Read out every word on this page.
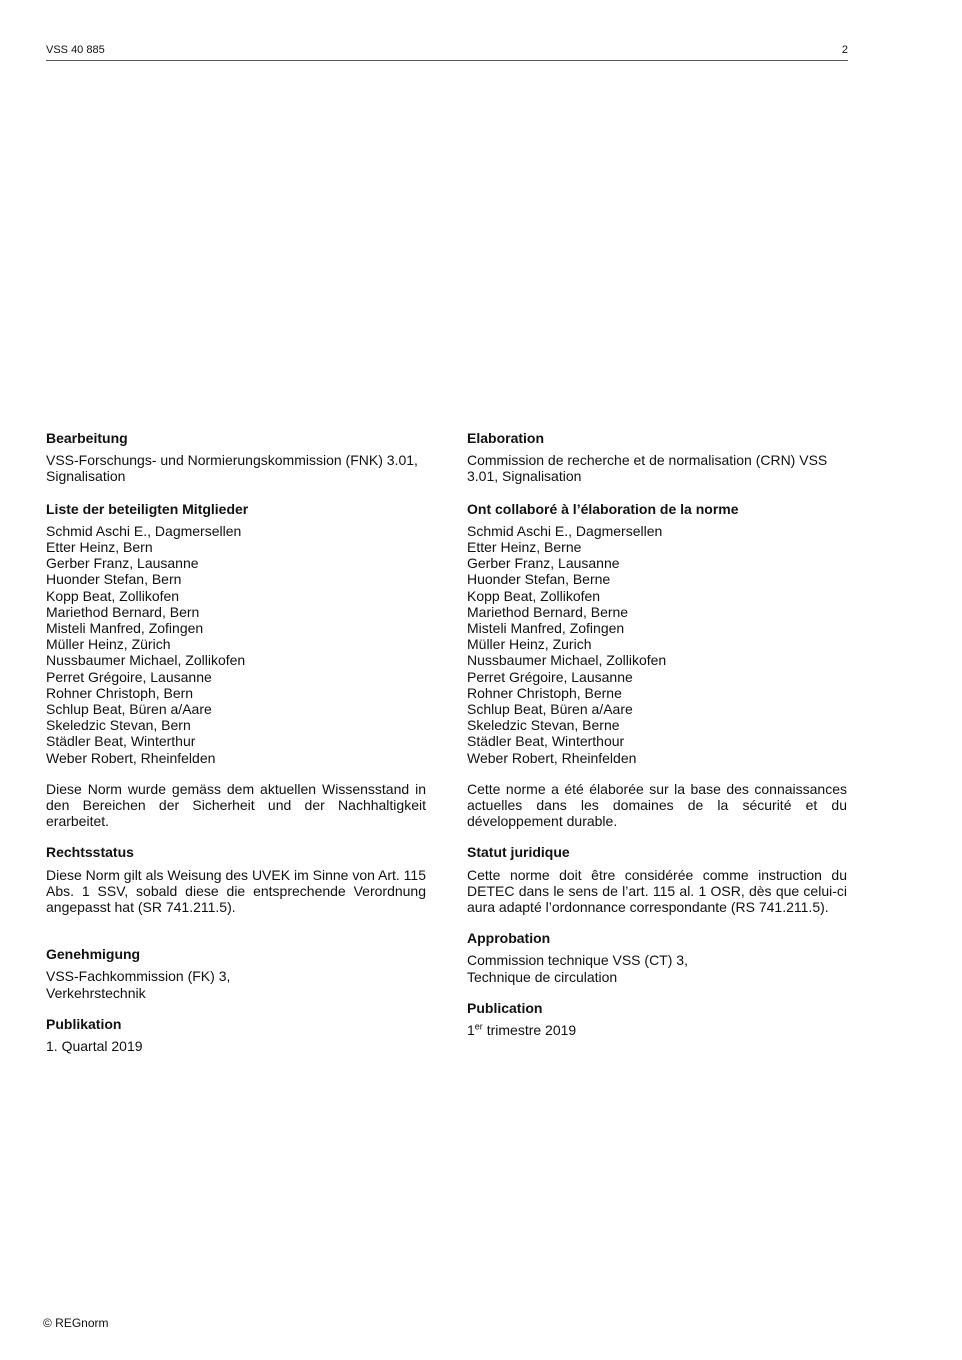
VSS 40 885	2
Bearbeitung
VSS-Forschungs- und Normierungskommission (FNK) 3.01, Signalisation
Liste der beteiligten Mitglieder
Schmid Aschi E., Dagmersellen
Etter Heinz, Bern
Gerber Franz, Lausanne
Huonder Stefan, Bern
Kopp Beat, Zollikofen
Mariethod Bernard, Bern
Misteli Manfred, Zofingen
Müller Heinz, Zürich
Nussbaumer Michael, Zollikofen
Perret Grégoire, Lausanne
Rohner Christoph, Bern
Schlup Beat, Büren a/Aare
Skeledzic Stevan, Bern
Städler Beat, Winterthur
Weber Robert, Rheinfelden
Diese Norm wurde gemäss dem aktuellen Wissensstand in den Bereichen der Sicherheit und der Nachhaltigkeit erarbeitet.
Rechtsstatus
Diese Norm gilt als Weisung des UVEK im Sinne von Art. 115 Abs. 1 SSV, sobald diese die entsprechende Verordnung angepasst hat (SR 741.211.5).
Genehmigung
VSS-Fachkommission (FK) 3,
Verkehrstechnik
Publikation
1. Quartal 2019
Elaboration
Commission de recherche et de normalisation (CRN) VSS 3.01, Signalisation
Ont collaboré à l’élaboration de la norme
Schmid Aschi E., Dagmersellen
Etter Heinz, Berne
Gerber Franz, Lausanne
Huonder Stefan, Berne
Kopp Beat, Zollikofen
Mariethod Bernard, Berne
Misteli Manfred, Zofingen
Müller Heinz, Zurich
Nussbaumer Michael, Zollikofen
Perret Grégoire, Lausanne
Rohner Christoph, Berne
Schlup Beat, Büren a/Aare
Skeledzic Stevan, Berne
Städler Beat, Winterthour
Weber Robert, Rheinfelden
Cette norme a été élaborée sur la base des connaissances actuelles dans les domaines de la sécurité et du développement durable.
Statut juridique
Cette norme doit être considérée comme instruction du DETEC dans le sens de l’art. 115 al. 1 OSR, dès que celui-ci aura adapté l’ordonnance correspondante (RS 741.211.5).
Approbation
Commission technique VSS (CT) 3,
Technique de circulation
Publication
1er trimestre 2019
© REGnorm
